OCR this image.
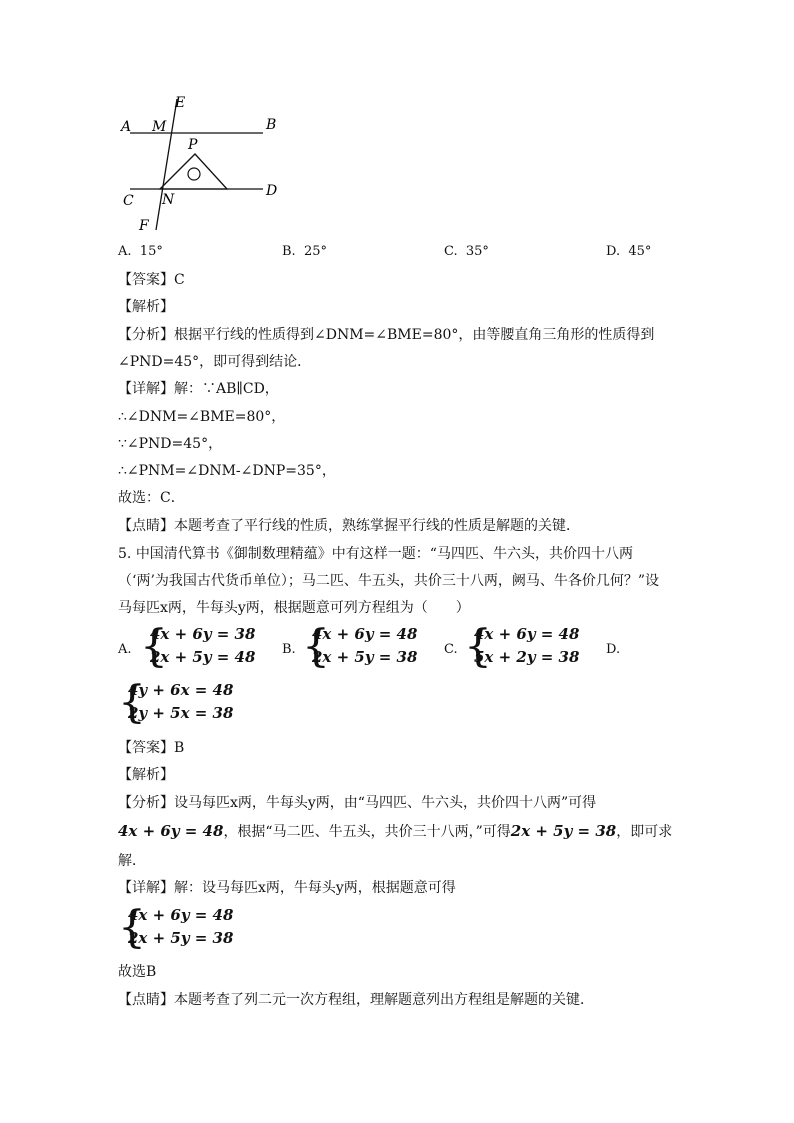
A M
E
B
P
C N
D
F
A. 15°	B. 25°	C. 35°	D. 45°
【答案】C
【解析】
【分析】根据平行线的性质得到∠DNM=∠BME=80°，由等腰直角三角形的性质得到
∠PND=45°，即可得到结论．
【详解】解：∵AB∥CD，
∴∠DNM=∠BME=80°，
∵∠PND=45°，
∴∠PNM=∠DNM-∠DNP=35°，
故选：C．
【点睛】本题考查了平行线的性质，熟练掌握平行线的性质是解题的关键．
5. 中国清代算书《御制数理精蕴》中有这样一题：“马四匹、牛六头，共价四十八两
（‘两’为我国古代货币单位）；马二匹、牛五头，共价三十八两，阙马、牛各价几何？”设
马每匹x两，牛每头y两，根据题意可列方程组为（　　）
A. {
4x + 6y = 38
2x + 5y = 48 B. {
4x + 6y = 48
2x + 5y = 38 C. {
4x + 6y = 48
5x + 2y = 38 D.
{
4y + 6x = 48
2y + 5x = 38
【答案】B
【解析】
【分析】设马每匹x两，牛每头y两，由“马四匹、牛六头，共价四十八两”可得
4x + 6y = 48，根据“马二匹、牛五头，共价三十八两，”可得2x + 5y = 38，即可求
解．
【详解】解：设马每匹x两，牛每头y两，根据题意可得
{
4x + 6y = 48
2x + 5y = 38
故选B
【点睛】本题考查了列二元一次方程组，理解题意列出方程组是解题的关键．
